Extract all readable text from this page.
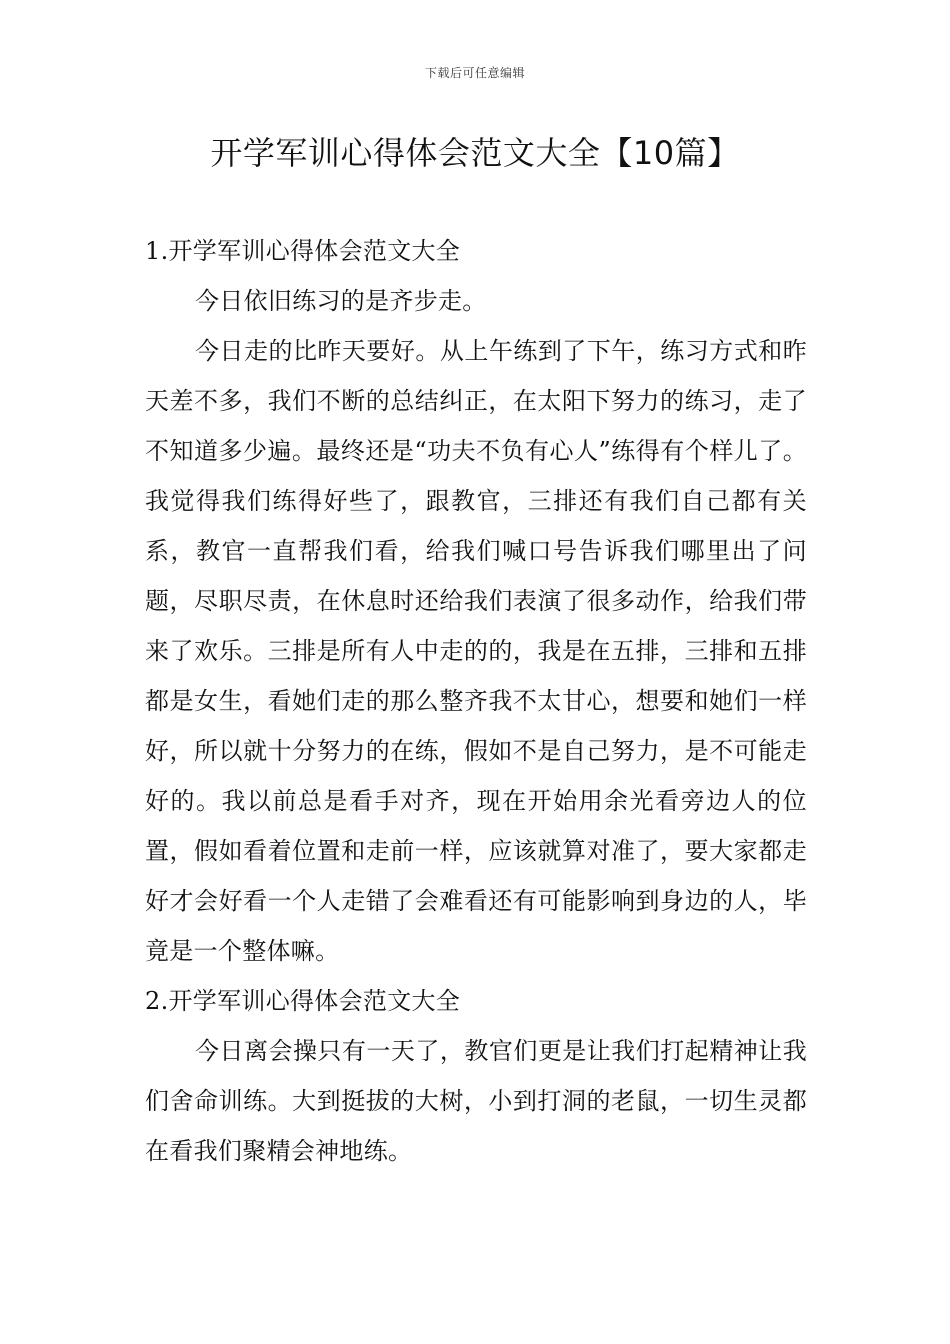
下载后可任意编辑
开学军训心得体会范文大全【10篇】

1.开学军训心得体会范文大全

今日依旧练习的是齐步走。

今日走的比昨天要好。从上午练到了下午，练习方式和昨天差不多，我们不断的总结纠正，在太阳下努力的练习，走了不知道多少遍。最终还是“功夫不负有心人”练得有个样儿了。我觉得我们练得好些了，跟教官，三排还有我们自己都有关系，教官一直帮我们看，给我们喊口号告诉我们哪里出了问题，尽职尽责，在休息时还给我们表演了很多动作，给我们带来了欢乐。三排是所有人中走的的，我是在五排，三排和五排都是女生，看她们走的那么整齐我不太甘心，想要和她们一样好，所以就十分努力的在练，假如不是自己努力，是不可能走好的。我以前总是看手对齐，现在开始用余光看旁边人的位置，假如看着位置和走前一样，应该就算对准了，要大家都走好才会好看一个人走错了会难看还有可能影响到身边的人，毕竟是一个整体嘛。

2.开学军训心得体会范文大全

今日离会操只有一天了，教官们更是让我们打起精神让我们舍命训练。大到挺拔的大树，小到打洞的老鼠，一切生灵都在看我们聚精会神地练。
